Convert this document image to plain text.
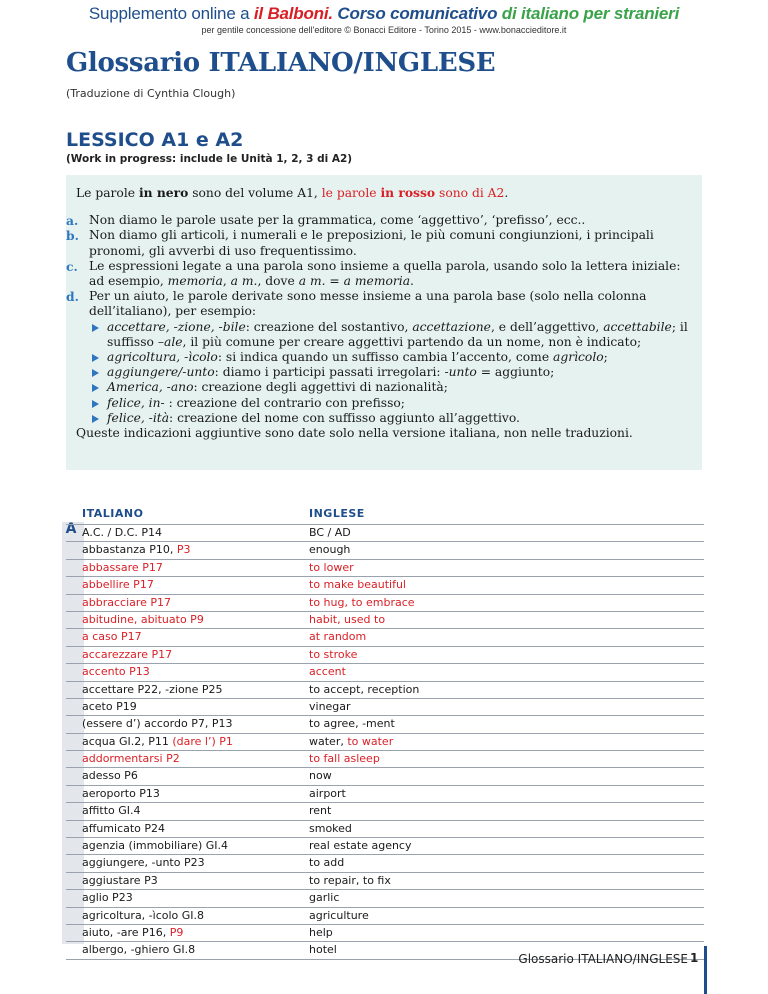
Supplemento online a il Balboni. Corso comunicativo di italiano per stranieri
per gentile concessione dell'editore © Bonacci Editore - Torino 2015 - www.bonaccieditore.it
Glossario ITALIANO/INGLESE
(Traduzione di Cynthia Clough)
LESSICO A1 e A2
(Work in progress: include le Unità 1, 2, 3 di A2)
Le parole in nero sono del volume A1, le parole in rosso sono di A2.
a. Non diamo le parole usate per la grammatica, come ‘aggettivo’, ‘prefisso’, ecc..
b. Non diamo gli articoli, i numerali e le preposizioni, le più comuni congiunzioni, i principali pronomi, gli avverbi di uso frequentissimo.
c. Le espressioni legate a una parola sono insieme a quella parola, usando solo la lettera iniziale: ad esempio, memoria, a m., dove a m. = a memoria.
d. Per un aiuto, le parole derivate sono messe insieme a una parola base (solo nella colonna dell’italiano), per esempio:
accettare, -zione, -bile: creazione del sostantivo, accettazione, e dell’aggettivo, accettabile; il suffisso –ale, il più comune per creare aggettivi partendo da un nome, non è indicato;
agricoltura, -ìcolo: si indica quando un suffisso cambia l’accento, come agrìcolo;
aggiungere/-unto: diamo i participi passati irregolari: -unto = aggiunto;
America, -ano: creazione degli aggettivi di nazionalità;
felice, in- : creazione del contrario con prefisso;
felice, -ità: creazione del nome con suffisso aggiunto all’aggettivo.
Queste indicazioni aggiuntive sono date solo nella versione italiana, non nelle traduzioni.
ITALIANO	INGLESE
A A.C. / D.C. P14	BC / AD
abbastanza P10, P3	enough
abbassare P17	to lower
abbellire P17	to make beautiful
abbracciare P17	to hug, to embrace
abitudine, abituato P9	habit, used to
a caso P17	at random
accarezzare P17	to stroke
accento P13	accent
accettare P22, -zione P25	to accept, reception
aceto P19	vinegar
(essere d’) accordo P7, P13	to agree, -ment
acqua GI.2, P11 (dare l’) P1	water, to water
addormentarsi P2	to fall asleep
adesso P6	now
aeroporto P13	airport
affitto GI.4	rent
affumicato P24	smoked
agenzia (immobiliare) GI.4	real estate agency
aggiungere, -unto P23	to add
aggiustare P3	to repair, to fix
aglio P23	garlic
agricoltura, -ìcolo GI.8	agriculture
aiuto, -are P16, P9	help
albergo, -ghiero GI.8	hotel
Glossario ITALIANO/INGLESE 1
